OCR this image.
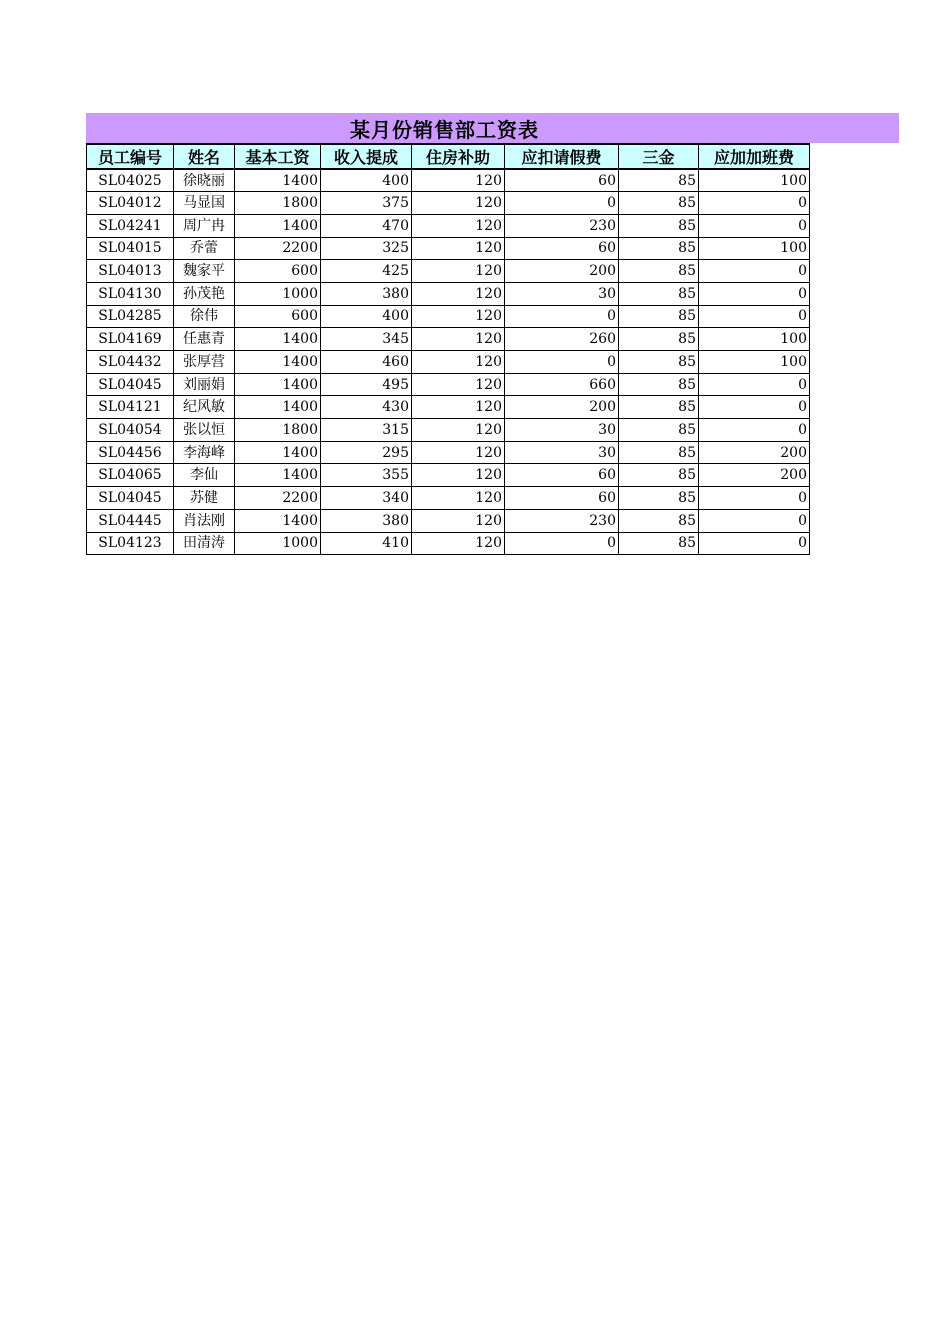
某月份销售部工资表
员工编号	姓名	基本工资	收入提成	住房补助	应扣请假费	三金	应加加班费
SL04025	徐晓丽	1400	400	120	60	85	100
SL04012	马显国	1800	375	120	0	85	0
SL04241	周广冉	1400	470	120	230	85	0
SL04015	乔蕾	2200	325	120	60	85	100
SL04013	魏家平	600	425	120	200	85	0
SL04130	孙茂艳	1000	380	120	30	85	0
SL04285	徐伟	600	400	120	0	85	0
SL04169	任惠青	1400	345	120	260	85	100
SL04432	张厚营	1400	460	120	0	85	100
SL04045	刘丽娟	1400	495	120	660	85	0
SL04121	纪风敏	1400	430	120	200	85	0
SL04054	张以恒	1800	315	120	30	85	0
SL04456	李海峰	1400	295	120	30	85	200
SL04065	李仙	1400	355	120	60	85	200
SL04045	苏健	2200	340	120	60	85	0
SL04445	肖法刚	1400	380	120	230	85	0
SL04123	田清涛	1000	410	120	0	85	0
